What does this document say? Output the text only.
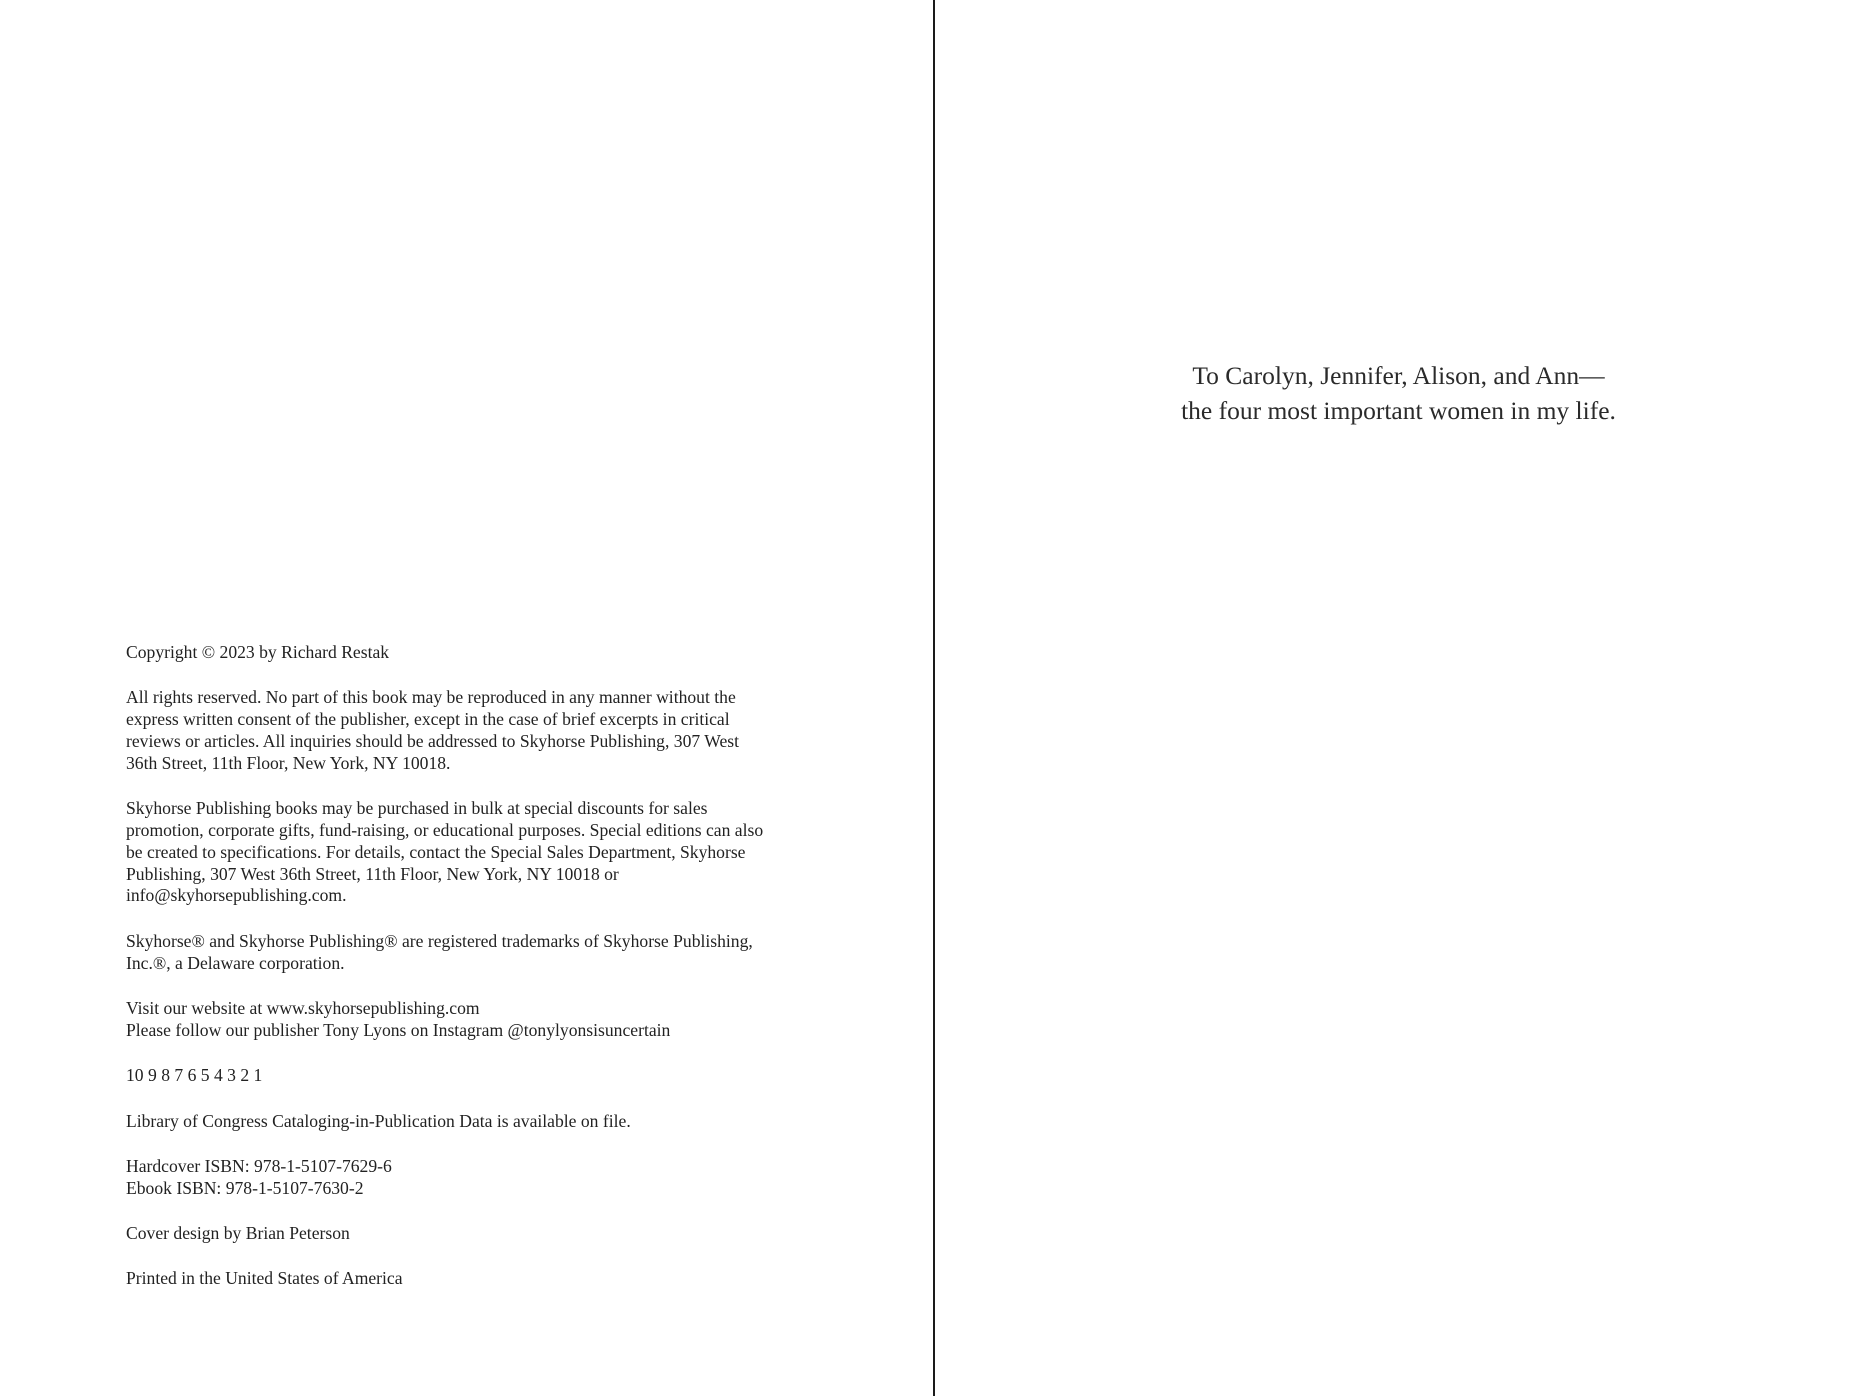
Copyright © 2023 by Richard Restak

All rights reserved. No part of this book may be reproduced in any manner without the
express written consent of the publisher, except in the case of brief excerpts in critical
reviews or articles. All inquiries should be addressed to Skyhorse Publishing, 307 West
36th Street, 11th Floor, New York, NY 10018.

Skyhorse Publishing books may be purchased in bulk at special discounts for sales
promotion, corporate gifts, fund-raising, or educational purposes. Special editions can also
be created to specifications. For details, contact the Special Sales Department, Skyhorse
Publishing, 307 West 36th Street, 11th Floor, New York, NY 10018 or
info@skyhorsepublishing.com.

Skyhorse® and Skyhorse Publishing® are registered trademarks of Skyhorse Publishing,
Inc.®, a Delaware corporation.

Visit our website at www.skyhorsepublishing.com
Please follow our publisher Tony Lyons on Instagram @tonylyonsisuncertain

10 9 8 7 6 5 4 3 2 1

Library of Congress Cataloging-in-Publication Data is available on file.

Hardcover ISBN: 978-1-5107-7629-6
Ebook ISBN: 978-1-5107-7630-2

Cover design by Brian Peterson

Printed in the United States of America

To Carolyn, Jennifer, Alison, and Ann—
the four most important women in my life.
